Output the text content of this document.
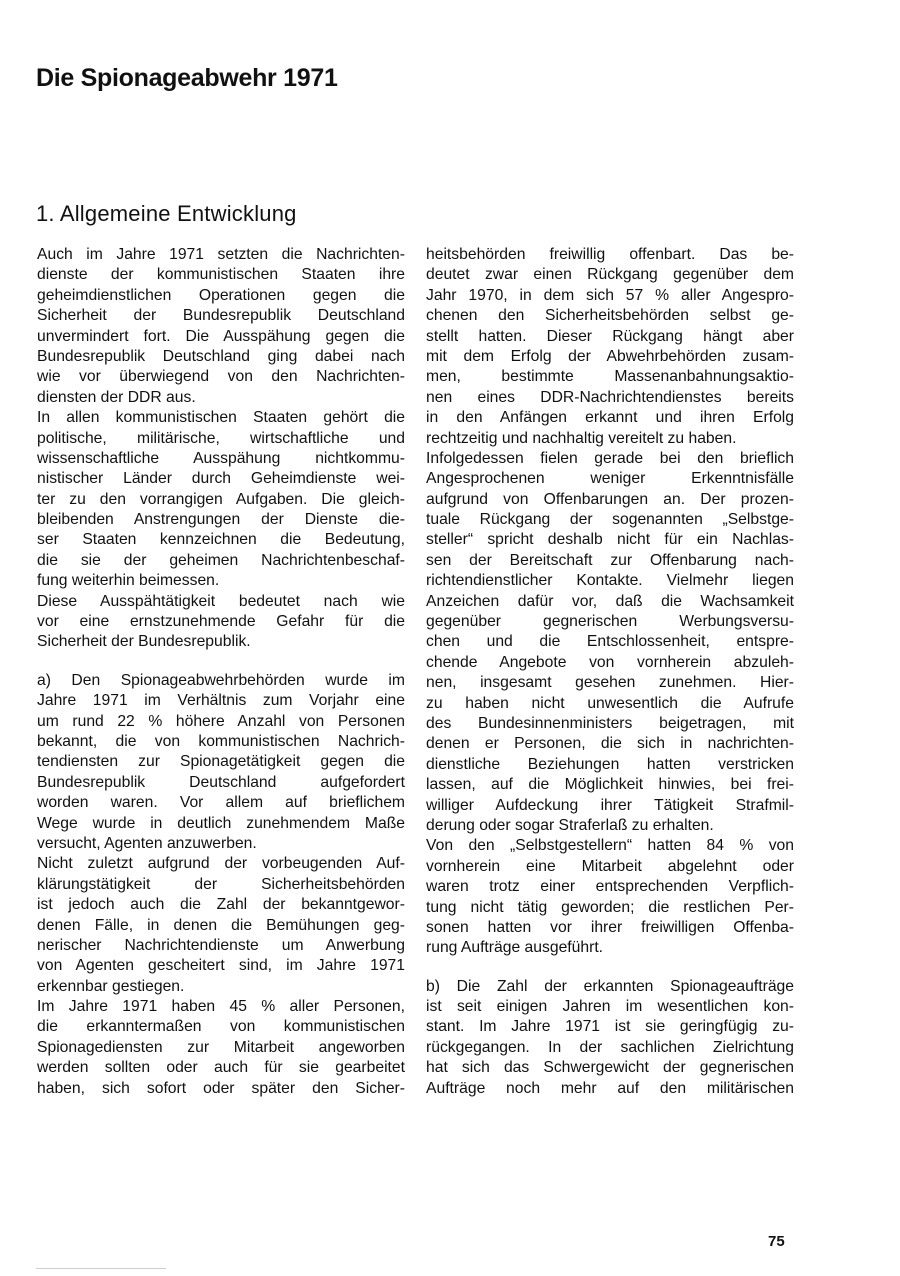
Die Spionageabwehr 1971
1. Allgemeine Entwicklung
Auch im Jahre 1971 setzten die Nachrichten-
dienste der kommunistischen Staaten ihre
geheimdienstlichen Operationen gegen die
Sicherheit der Bundesrepublik Deutschland
unvermindert fort. Die Ausspähung gegen die
Bundesrepublik Deutschland ging dabei nach
wie vor überwiegend von den Nachrichten-
diensten der DDR aus.
In allen kommunistischen Staaten gehört die
politische, militärische, wirtschaftliche und
wissenschaftliche Ausspähung nichtkommu-
nistischer Länder durch Geheimdienste wei-
ter zu den vorrangigen Aufgaben. Die gleich-
bleibenden Anstrengungen der Dienste die-
ser Staaten kennzeichnen die Bedeutung,
die sie der geheimen Nachrichtenbeschaf-
fung weiterhin beimessen.
Diese Ausspähtätigkeit bedeutet nach wie
vor eine ernstzunehmende Gefahr für die
Sicherheit der Bundesrepublik.
a) Den Spionageabwehrbehörden wurde im
Jahre 1971 im Verhältnis zum Vorjahr eine
um rund 22 % höhere Anzahl von Personen
bekannt, die von kommunistischen Nachrich-
tendiensten zur Spionagetätigkeit gegen die
Bundesrepublik Deutschland aufgefordert
worden waren. Vor allem auf brieflichem
Wege wurde in deutlich zunehmendem Maße
versucht, Agenten anzuwerben.
Nicht zuletzt aufgrund der vorbeugenden Auf-
klärungstätigkeit der Sicherheitsbehörden
ist jedoch auch die Zahl der bekanntgewor-
denen Fälle, in denen die Bemühungen geg-
nerischer Nachrichtendienste um Anwerbung
von Agenten gescheitert sind, im Jahre 1971
erkennbar gestiegen.
Im Jahre 1971 haben 45 % aller Personen,
die erkanntermaßen von kommunistischen
Spionagediensten zur Mitarbeit angeworben
werden sollten oder auch für sie gearbeitet
haben, sich sofort oder später den Sicher-
heitsbehörden freiwillig offenbart. Das be-
deutet zwar einen Rückgang gegenüber dem
Jahr 1970, in dem sich 57 % aller Angespro-
chenen den Sicherheitsbehörden selbst ge-
stellt hatten. Dieser Rückgang hängt aber
mit dem Erfolg der Abwehrbehörden zusam-
men, bestimmte Massenanbahnungsaktio-
nen eines DDR-Nachrichtendienstes bereits
in den Anfängen erkannt und ihren Erfolg
rechtzeitig und nachhaltig vereitelt zu haben.
Infolgedessen fielen gerade bei den brieflich
Angesprochenen weniger Erkenntnisfälle
aufgrund von Offenbarungen an. Der prozen-
tuale Rückgang der sogenannten „Selbstge-
steller“ spricht deshalb nicht für ein Nachlas-
sen der Bereitschaft zur Offenbarung nach-
richtendienstlicher Kontakte. Vielmehr liegen
Anzeichen dafür vor, daß die Wachsamkeit
gegenüber gegnerischen Werbungsversu-
chen und die Entschlossenheit, entspre-
chende Angebote von vornherein abzuleh-
nen, insgesamt gesehen zunehmen. Hier-
zu haben nicht unwesentlich die Aufrufe
des Bundesinnenministers beigetragen, mit
denen er Personen, die sich in nachrichten-
dienstliche Beziehungen hatten verstricken
lassen, auf die Möglichkeit hinwies, bei frei-
williger Aufdeckung ihrer Tätigkeit Strafmil-
derung oder sogar Straferlaß zu erhalten.
Von den „Selbstgestellern“ hatten 84 % von
vornherein eine Mitarbeit abgelehnt oder
waren trotz einer entsprechenden Verpflich-
tung nicht tätig geworden; die restlichen Per-
sonen hatten vor ihrer freiwilligen Offenba-
rung Aufträge ausgeführt.
b) Die Zahl der erkannten Spionageaufträge
ist seit einigen Jahren im wesentlichen kon-
stant. Im Jahre 1971 ist sie geringfügig zu-
rückgegangen. In der sachlichen Zielrichtung
hat sich das Schwergewicht der gegnerischen
Aufträge noch mehr auf den militärischen
75
